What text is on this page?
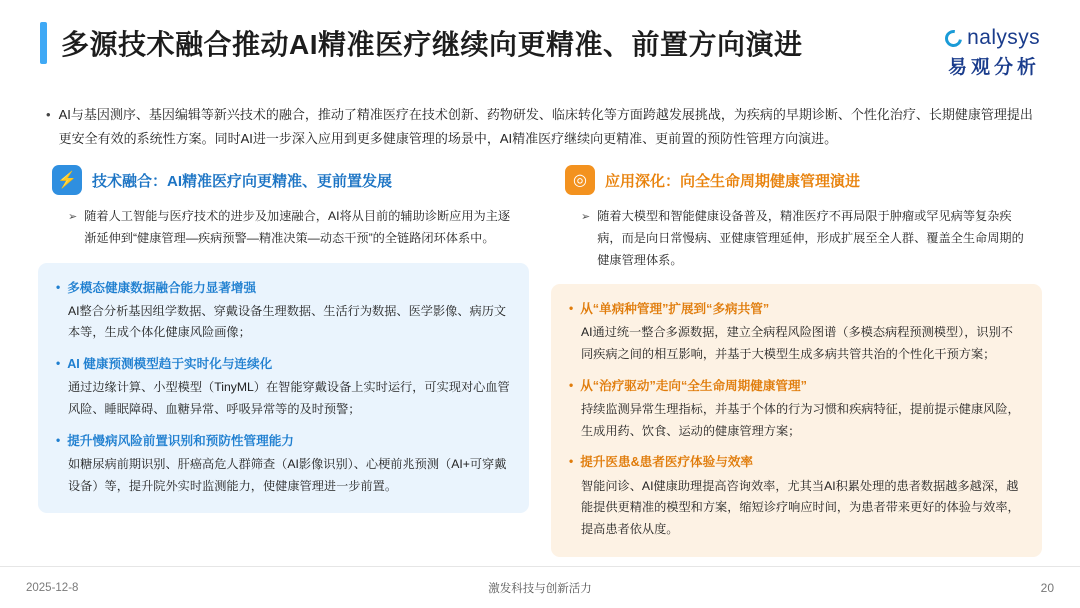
多源技术融合推动AI精准医疗继续向更精准、前置方向演进	nalysys
易观分析
• AI与基因测序、基因编辑等新兴技术的融合，推动了精准医疗在技术创新、药物研发、临床转化等方面跨越发展挑战，为疾病的早期诊断、个性化治疗、长期健康管理提出更安全有效的系统性方案。同时AI进一步深入应用到更多健康管理的场景中，AI精准医疗继续向更精准、更前置的预防性管理方向演进。
⚡	技术融合：AI精准医疗向更精准、更前置发展
➢ 随着人工智能与医疗技术的进步及加速融合，AI将从目前的辅助诊断应用为主逐渐延伸到“健康管理—疾病预警—精准决策—动态干预”的全链路闭环体系中。
• 多模态健康数据融合能力显著增强
AI整合分析基因组学数据、穿戴设备生理数据、生活行为数据、医学影像、病历文本等，生成个体化健康风险画像；
• AI 健康预测模型趋于实时化与连续化
通过边缘计算、小型模型（TinyML）在智能穿戴设备上实时运行，可实现对心血管风险、睡眠障碍、血糖异常、呼吸异常等的及时预警；
• 提升慢病风险前置识别和预防性管理能力
如糖尿病前期识别、肝癌高危人群筛查（AI影像识别）、心梗前兆预测（AI+可穿戴设备）等，提升院外实时监测能力，使健康管理进一步前置。
◎	应用深化：向全生命周期健康管理演进
➢ 随着大模型和智能健康设备普及，精准医疗不再局限于肿瘤或罕见病等复杂疾病，而是向日常慢病、亚健康管理延伸，形成扩展至全人群、覆盖全生命周期的健康管理体系。
• 从“单病种管理”扩展到“多病共管”
AI通过统一整合多源数据，建立全病程风险图谱（多模态病程预测模型），识别不同疾病之间的相互影响，并基于大模型生成多病共管共治的个性化干预方案；
• 从“治疗驱动”走向“全生命周期健康管理”
持续监测异常生理指标，并基于个体的行为习惯和疾病特征，提前提示健康风险，生成用药、饮食、运动的健康管理方案；
• 提升医患&患者医疗体验与效率
智能问诊、AI健康助理提高咨询效率，尤其当AI积累处理的患者数据越多越深，越能提供更精准的模型和方案，缩短诊疗响应时间，为患者带来更好的体验与效率，提高患者依从度。
2025-12-8	激发科技与创新活力	20
